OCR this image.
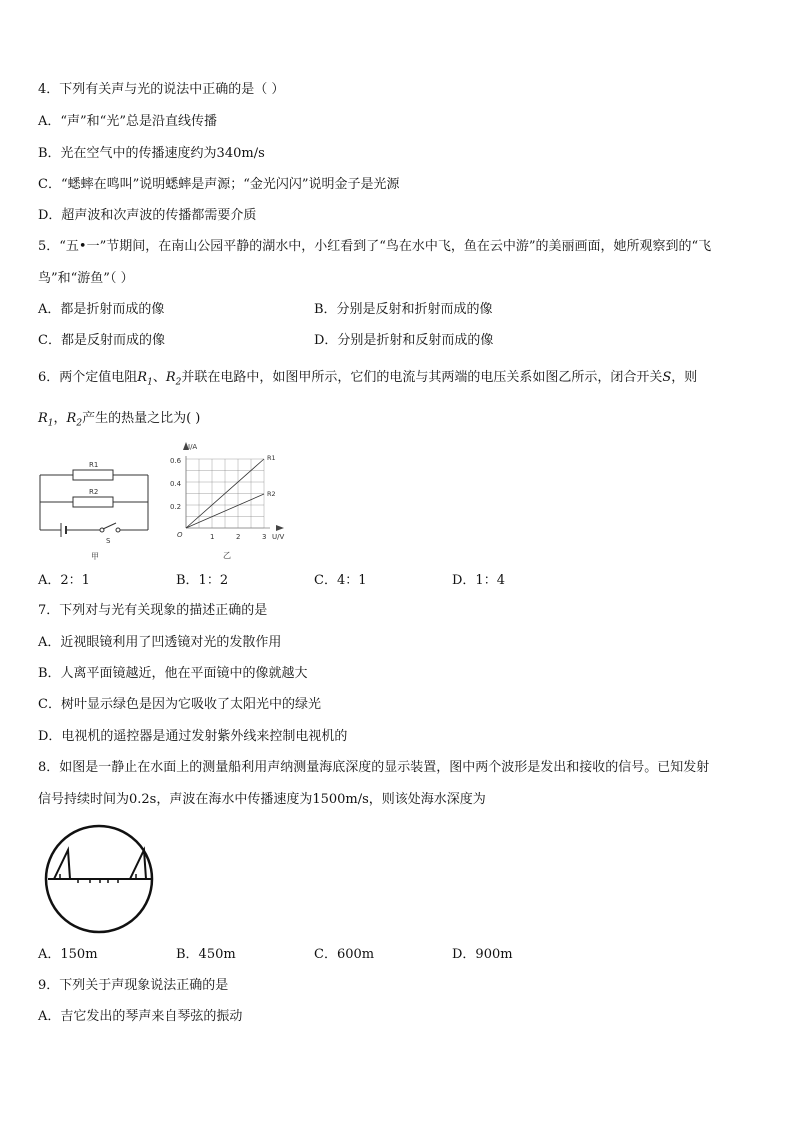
4．下列有关声与光的说法中正确的是（ ）
A．“声”和“光”总是沿直线传播
B．光在空气中的传播速度约为340m/s
C．“蟋蟀在鸣叫”说明蟋蟀是声源；“金光闪闪”说明金子是光源
D．超声波和次声波的传播都需要介质
5．“五•一”节期间，在南山公园平静的湖水中，小红看到了“鸟在水中飞，鱼在云中游”的美丽画面，她所观察到的“飞
鸟”和“游鱼”（ ）
A．都是折射而成的像	B．分别是反射和折射而成的像
C．都是反射而成的像	D．分别是折射和反射而成的像
6．两个定值电阻$R_1$、$R_2$并联在电路中，如图甲所示，它们的电流与其两端的电压关系如图乙所示，闭合开关S，则
$R_1$，$R_2$产生的热量之比为( )
R1
R2
S
甲
I/A
U/V
O
0.2
0.4
0.6
1	2	3
R1
R2
乙
A．2：1	B．1：2	C．4：1	D．1：4
7．下列对与光有关现象的描述正确的是
A．近视眼镜利用了凹透镜对光的发散作用
B．人离平面镜越近，他在平面镜中的像就越大
C．树叶显示绿色是因为它吸收了太阳光中的绿光
D．电视机的遥控器是通过发射紫外线来控制电视机的
8．如图是一静止在水面上的测量船利用声纳测量海底深度的显示装置，图中两个波形是发出和接收的信号。已知发射
信号持续时间为0.2s，声波在海水中传播速度为1500m/s，则该处海水深度为
A．150m	B．450m	C．600m	D．900m
9．下列关于声现象说法正确的是
A．吉它发出的琴声来自琴弦的振动
